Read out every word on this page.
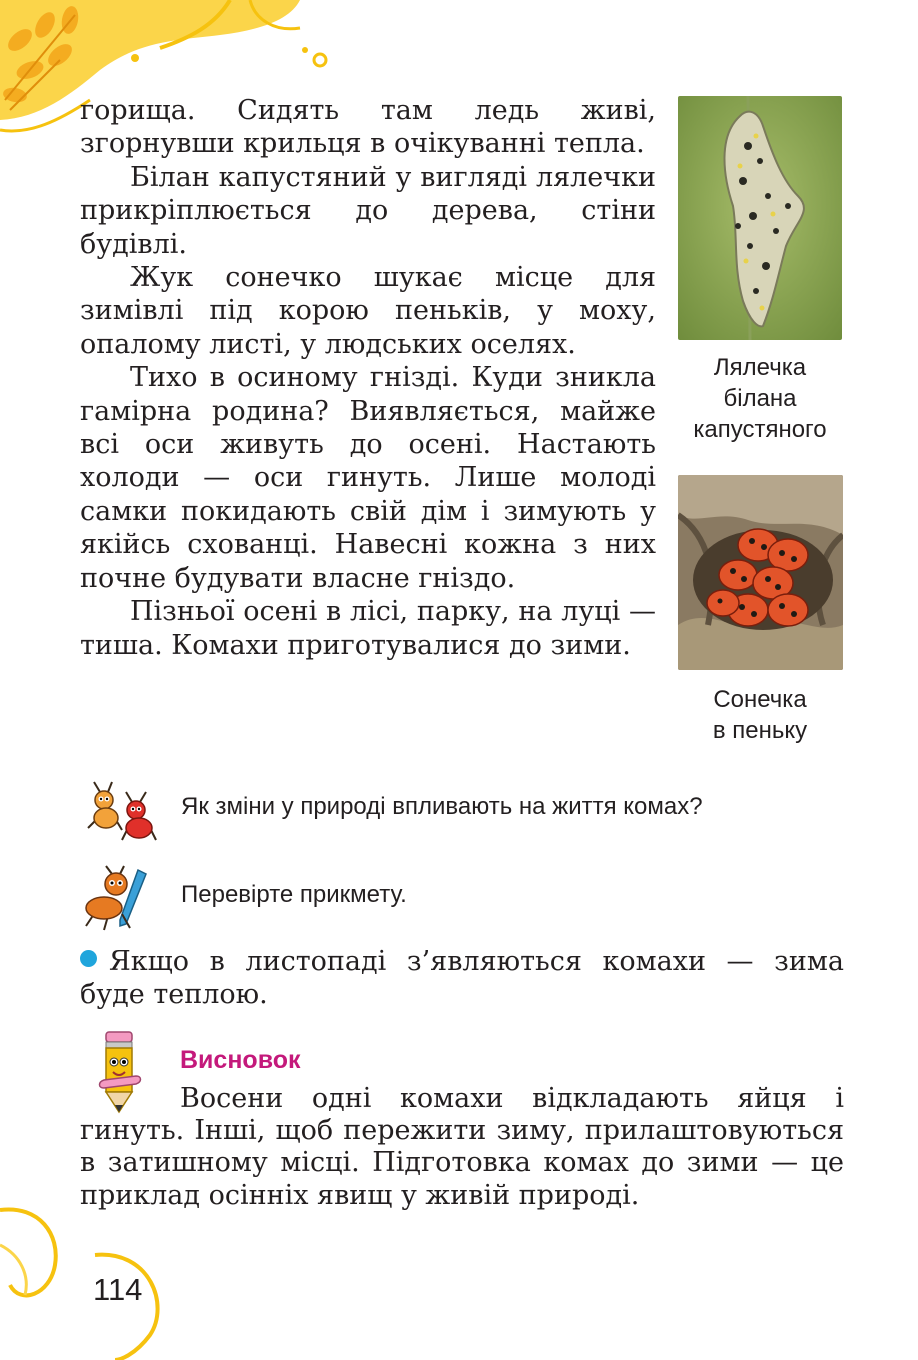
горища. Сидять там ледь живі, згорнувши крильця в очікуванні тепла.

Білан капустяний у вигляді лялечки прикріплюється до дерева, стіни будівлі.

Жук сонечко шукає місце для зимівлі під корою пеньків, у моху, опалому листі, у людських оселях.

Тихо в осиному гнізді. Куди зникла гамірна родина? Виявляється, майже всі оси живуть до осені. Настають холоди — оси гинуть. Лише молоді самки покидають свій дім і зимують у якійсь схованці. Навесні кожна з них почне будувати власне гніздо.

Пізньої осені в лісі, парку, на луці — тиша. Комахи приготувалися до зими.

Лялечка
білана
капустяного
Сонечка
в пеньку
Як зміни у природі впливають на життя комах?
Перевірте прикмету.

Якщо в листопаді з’являються комахи — зима буде теплою.

Висновок

Восени одні комахи відкладають яйця і гинуть. Інші, щоб пережити зиму, прилаштовуються в затишному місці. Підготовка комах до зими — це приклад осінніх явищ у живій природі.

114
